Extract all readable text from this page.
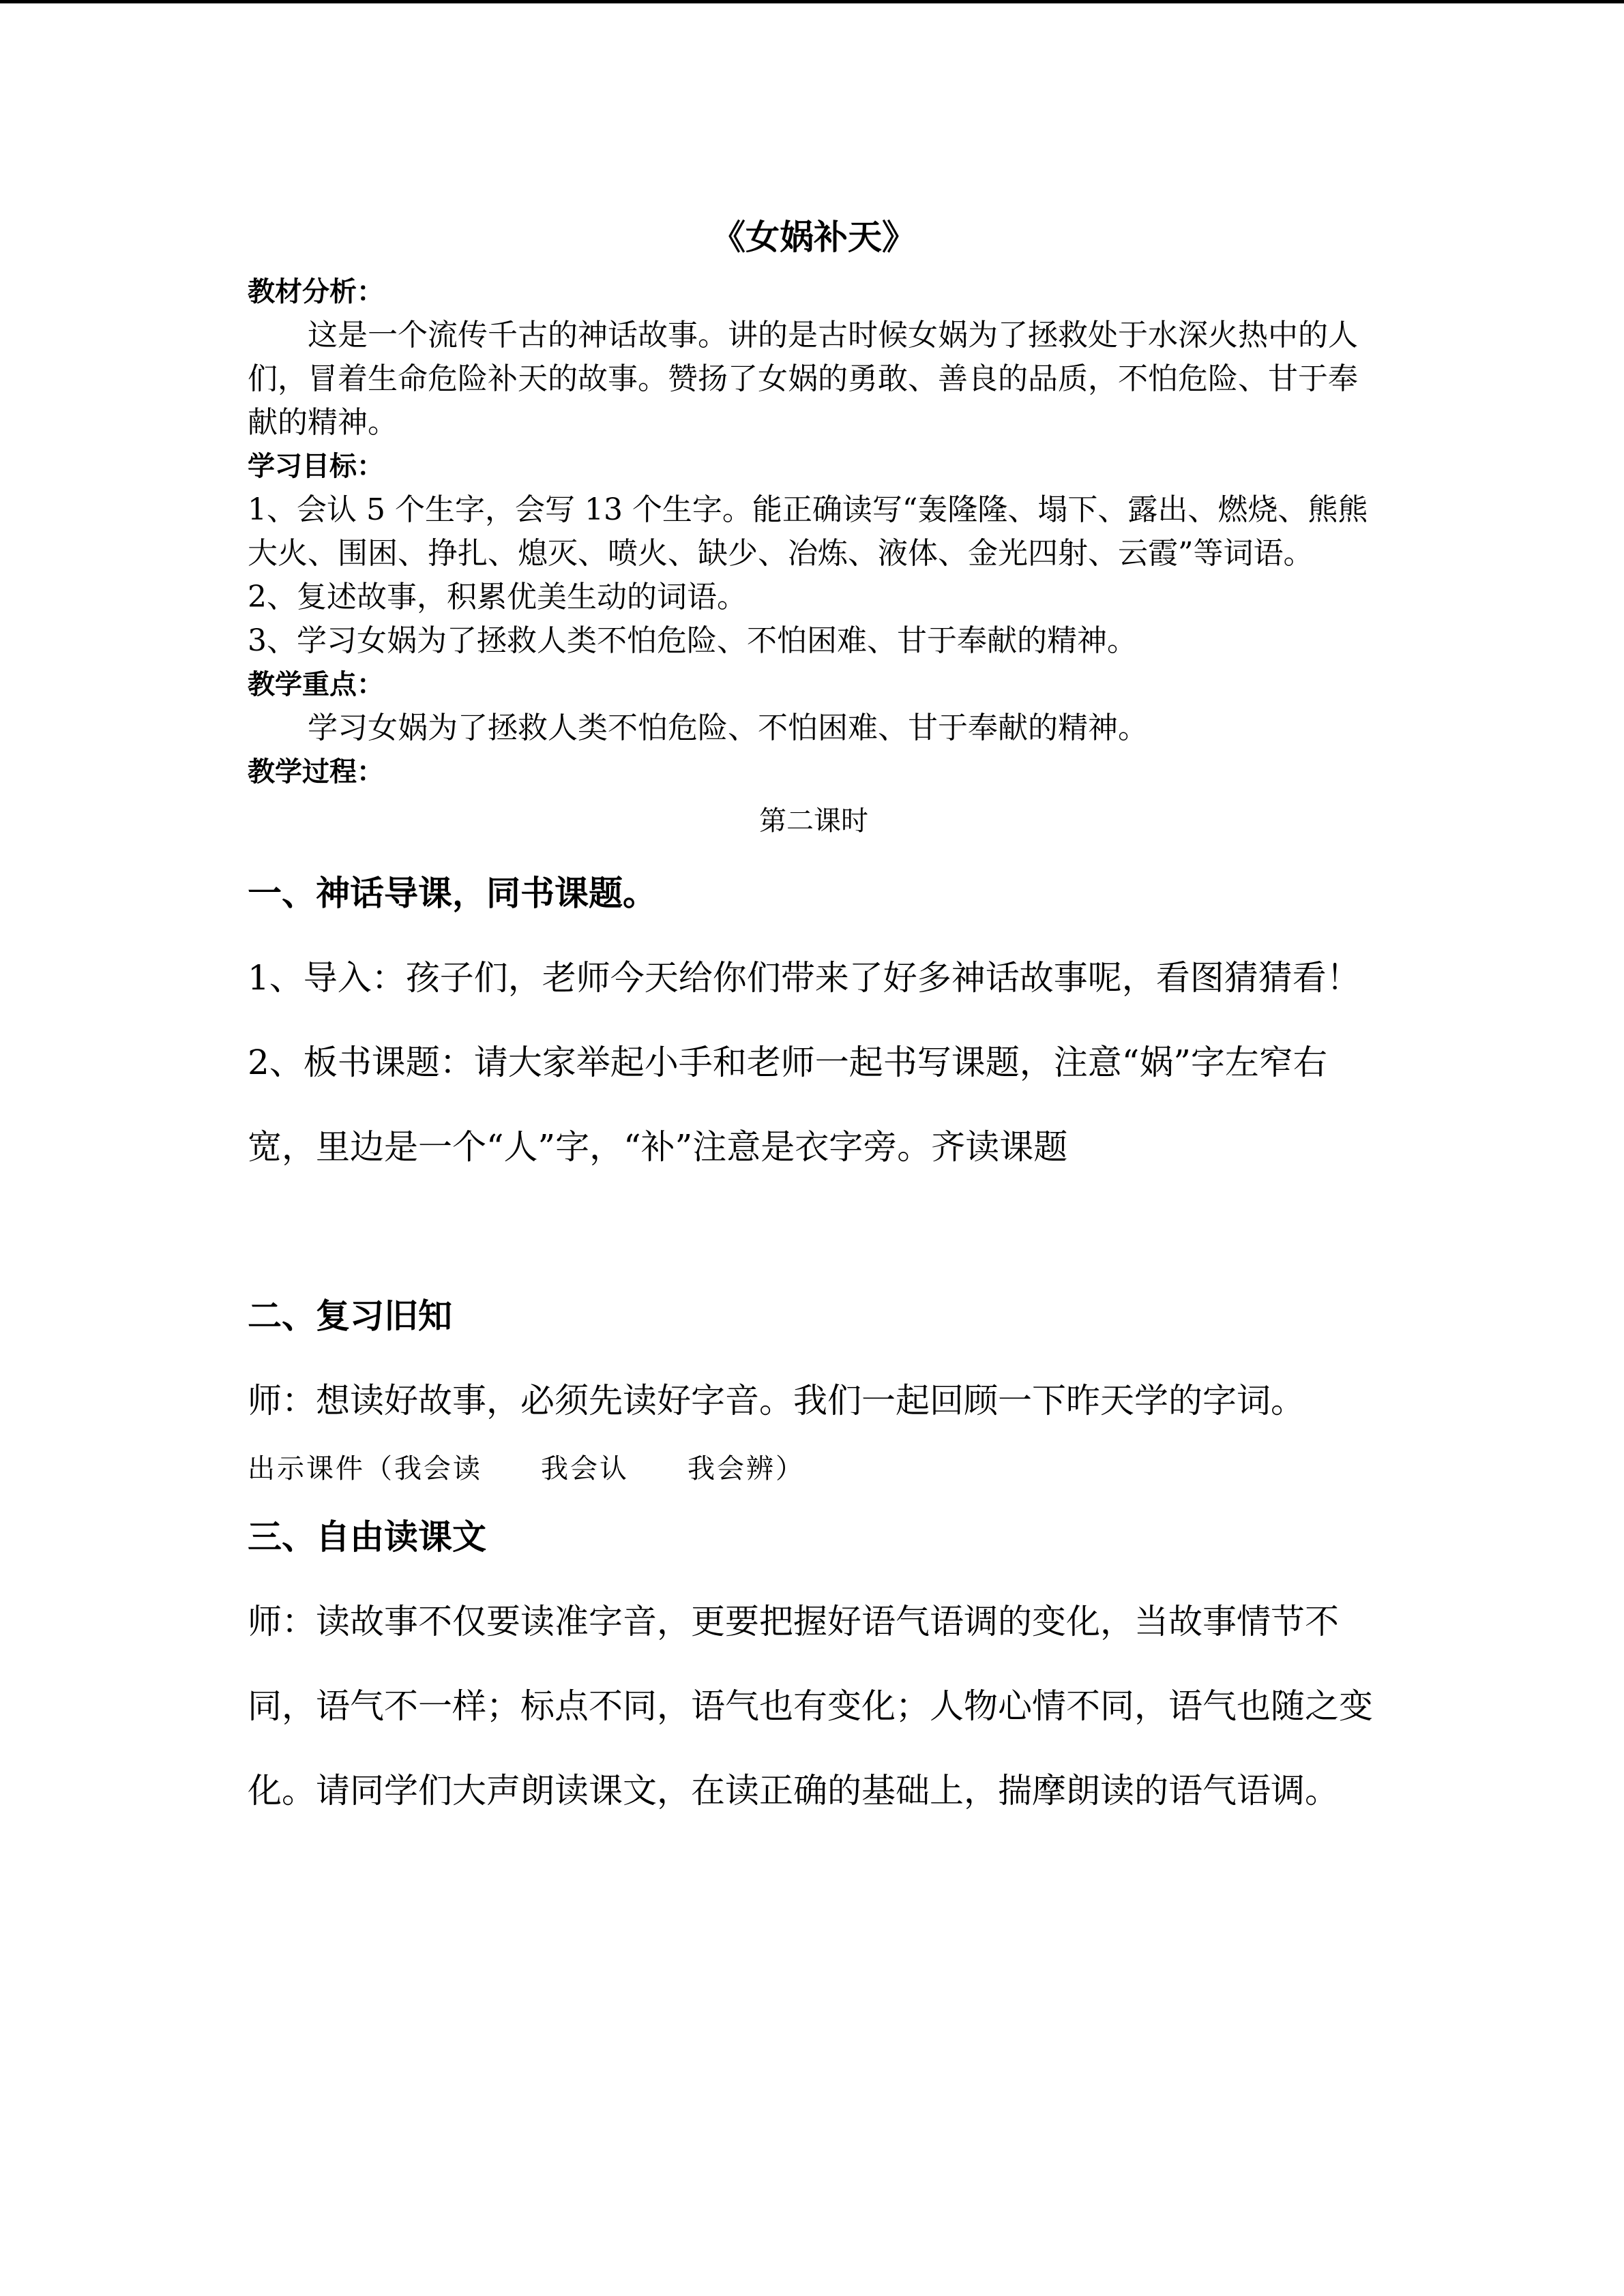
《女娲补天》
教材分析：
这是一个流传千古的神话故事。讲的是古时候女娲为了拯救处于水深火热中的人们，冒着生命危险补天的故事。赞扬了女娲的勇敢、善良的品质，不怕危险、甘于奉献的精神。
学习目标：
1、会认 5 个生字，会写 13 个生字。能正确读写“轰隆隆、塌下、露出、燃烧、熊熊大火、围困、挣扎、熄灭、喷火、缺少、冶炼、液体、金光四射、云霞”等词语。
2、复述故事，积累优美生动的词语。
3、学习女娲为了拯救人类不怕危险、不怕困难、甘于奉献的精神。
教学重点：
学习女娲为了拯救人类不怕危险、不怕困难、甘于奉献的精神。
教学过程：
第二课时
一、神话导课，同书课题。
1、导入：孩子们，老师今天给你们带来了好多神话故事呢，看图猜猜看！
2、板书课题：请大家举起小手和老师一起书写课题，注意“娲”字左窄右宽，里边是一个“人”字，“补”注意是衣字旁。齐读课题
二、复习旧知
师：想读好故事，必须先读好字音。我们一起回顾一下昨天学的字词。
出示课件（我会读　　我会认　　我会辨）
三、自由读课文
师：读故事不仅要读准字音，更要把握好语气语调的变化，当故事情节不同，语气不一样；标点不同，语气也有变化；人物心情不同，语气也随之变化。请同学们大声朗读课文，在读正确的基础上，揣摩朗读的语气语调。
